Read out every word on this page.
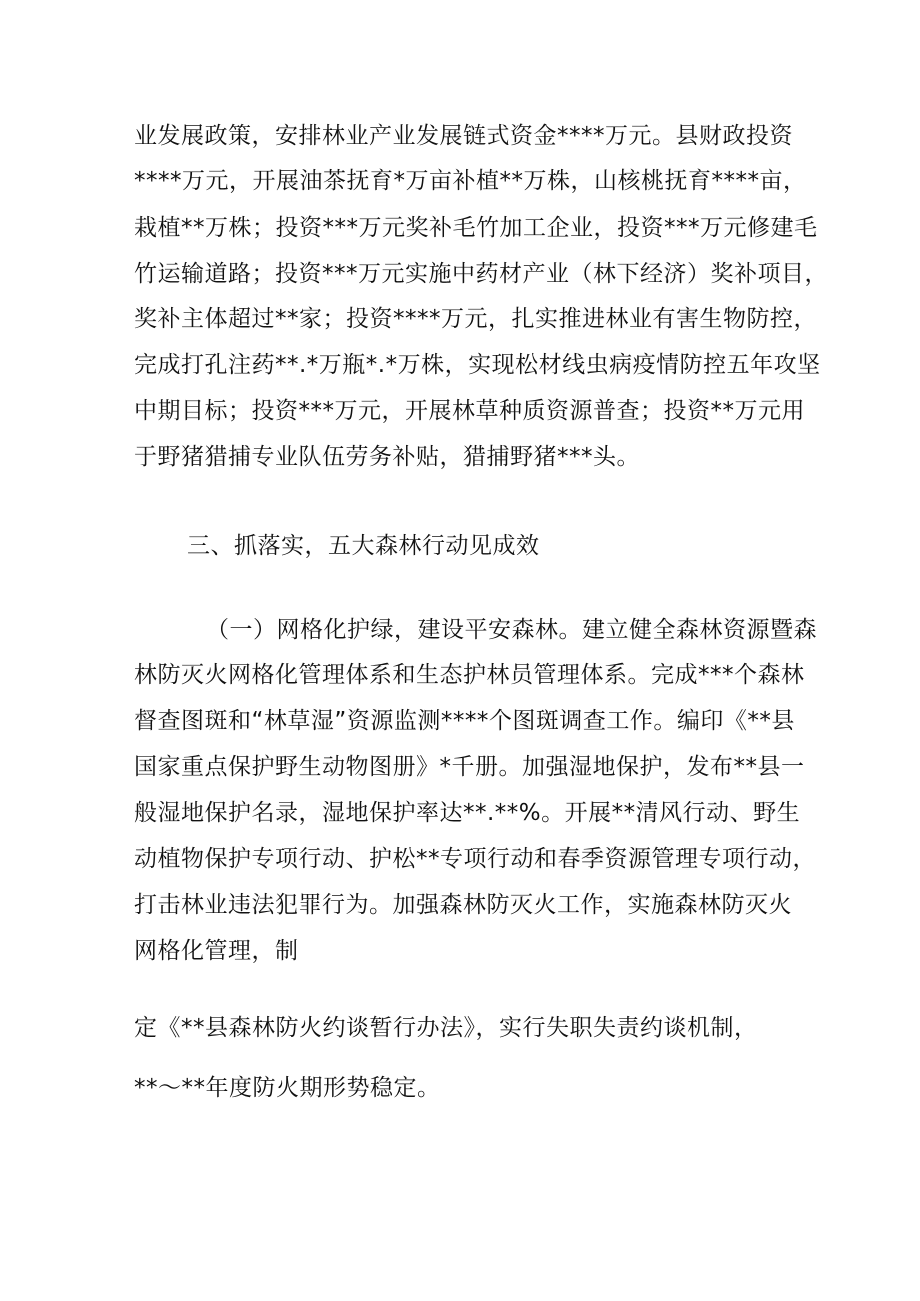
业发展政策，安排林业产业发展链式资金****万元。县财政投资
****万元，开展油茶抚育*万亩补植**万株，山核桃抚育****亩，
栽植**万株；投资***万元奖补毛竹加工企业，投资***万元修建毛
竹运输道路；投资***万元实施中药材产业（林下经济）奖补项目，
奖补主体超过**家；投资****万元，扎实推进林业有害生物防控，
完成打孔注药**.*万瓶*.*万株，实现松材线虫病疫情防控五年攻坚
中期目标；投资***万元，开展林草种质资源普查；投资**万元用
于野猪猎捕专业队伍劳务补贴，猎捕野猪***头。
三、抓落实，五大森林行动见成效
（一）网格化护绿，建设平安森林。建立健全森林资源暨森
林防灭火网格化管理体系和生态护林员管理体系。完成***个森林
督查图斑和“林草湿”资源监测****个图斑调查工作。编印《**县
国家重点保护野生动物图册》*千册。加强湿地保护，发布**县一
般湿地保护名录，湿地保护率达**.**%。开展**清风行动、野生
动植物保护专项行动、护松**专项行动和春季资源管理专项行动，
打击林业违法犯罪行为。加强森林防灭火工作，实施森林防灭火
网格化管理，制
定《**县森林防火约谈暂行办法》，实行失职失责约谈机制，
**〜**年度防火期形势稳定。
